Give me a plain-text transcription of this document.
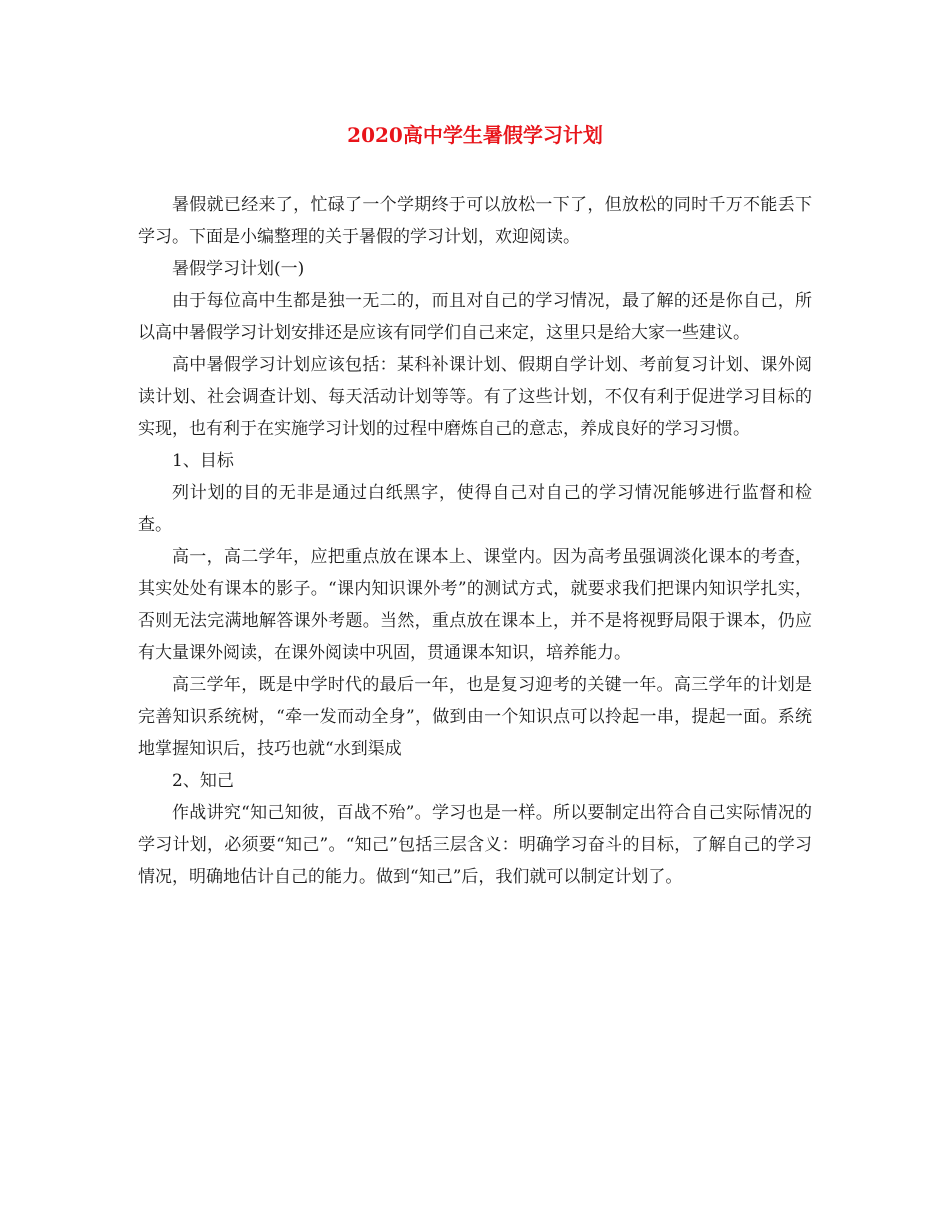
2020高中学生暑假学习计划

暑假就已经来了，忙碌了一个学期终于可以放松一下了，但放松的同时千万不能丢下学习。下面是小编整理的关于暑假的学习计划，欢迎阅读。

暑假学习计划(一)

由于每位高中生都是独一无二的，而且对自己的学习情况，最了解的还是你自己，所以高中暑假学习计划安排还是应该有同学们自己来定，这里只是给大家一些建议。

高中暑假学习计划应该包括：某科补课计划、假期自学计划、考前复习计划、课外阅读计划、社会调查计划、每天活动计划等等。有了这些计划，不仅有利于促进学习目标的实现，也有利于在实施学习计划的过程中磨炼自己的意志，养成良好的学习习惯。

1、目标

列计划的目的无非是通过白纸黑字，使得自己对自己的学习情况能够进行监督和检查。

高一，高二学年，应把重点放在课本上、课堂内。因为高考虽强调淡化课本的考查，其实处处有课本的影子。“课内知识课外考”的测试方式，就要求我们把课内知识学扎实，否则无法完满地解答课外考题。当然，重点放在课本上，并不是将视野局限于课本，仍应有大量课外阅读，在课外阅读中巩固，贯通课本知识，培养能力。

高三学年，既是中学时代的最后一年，也是复习迎考的关键一年。高三学年的计划是完善知识系统树，“牵一发而动全身”，做到由一个知识点可以拎起一串，提起一面。系统地掌握知识后，技巧也就“水到渠成

2、知己

作战讲究“知己知彼，百战不殆”。学习也是一样。所以要制定出符合自己实际情况的学习计划，必须要“知己”。“知己”包括三层含义：明确学习奋斗的目标，了解自己的学习情况，明确地估计自己的能力。做到“知己”后，我们就可以制定计划了。
